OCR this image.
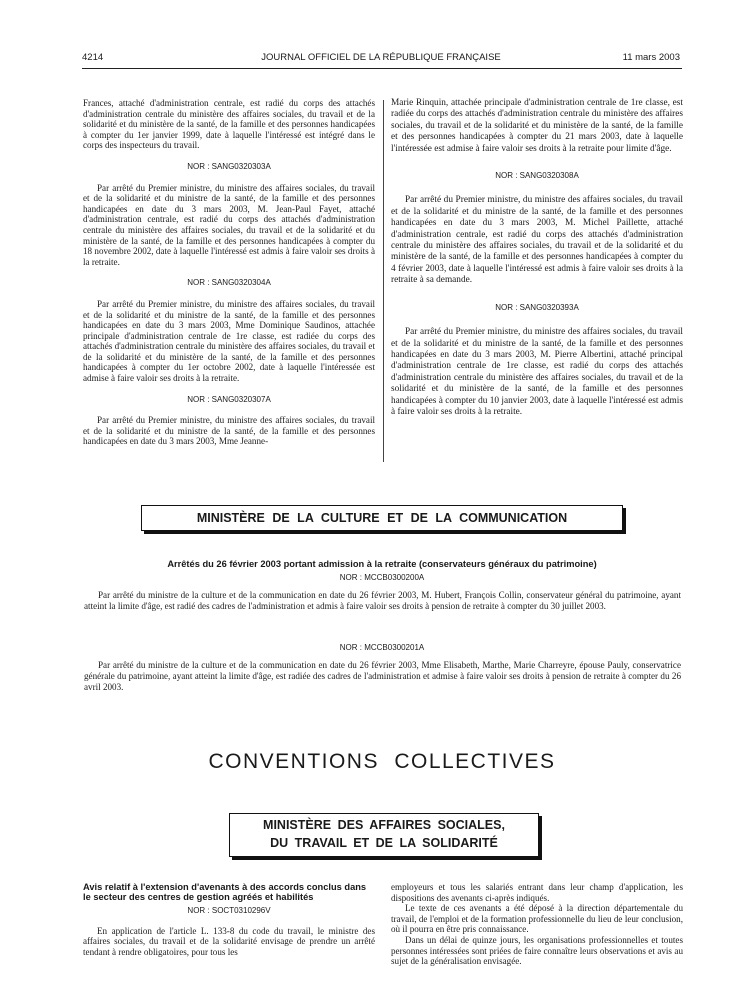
4214	JOURNAL OFFICIEL DE LA RÉPUBLIQUE FRANÇAISE	11 mars 2003

Frances, attaché d'administration centrale, est radié du corps des attachés d'administration centrale du ministère des affaires sociales, du travail et de la solidarité et du ministère de la santé, de la famille et des personnes handicapées à compter du 1er janvier 1999, date à laquelle l'intéressé est intégré dans le corps des inspecteurs du travail.

NOR : SANG0320303A

Par arrêté du Premier ministre, du ministre des affaires sociales, du travail et de la solidarité et du ministre de la santé, de la famille et des personnes handicapées en date du 3 mars 2003, M. Jean-Paul Fayet, attaché d'administration centrale, est radié du corps des attachés d'administration centrale du ministère des affaires sociales, du travail et de la solidarité et du ministère de la santé, de la famille et des personnes handicapées à compter du 18 novembre 2002, date à laquelle l'intéressé est admis à faire valoir ses droits à la retraite.

NOR : SANG0320304A

Par arrêté du Premier ministre, du ministre des affaires sociales, du travail et de la solidarité et du ministre de la santé, de la famille et des personnes handicapées en date du 3 mars 2003, Mme Dominique Saudinos, attachée principale d'administration centrale de 1re classe, est radiée du corps des attachés d'administration centrale du ministère des affaires sociales, du travail et de la solidarité et du ministère de la santé, de la famille et des personnes handicapées à compter du 1er octobre 2002, date à laquelle l'intéressée est admise à faire valoir ses droits à la retraite.

NOR : SANG0320307A

Par arrêté du Premier ministre, du ministre des affaires sociales, du travail et de la solidarité et du ministre de la santé, de la famille et des personnes handicapées en date du 3 mars 2003, Mme Jeanne-

Marie Rinquin, attachée principale d'administration centrale de 1re classe, est radiée du corps des attachés d'administration centrale du ministère des affaires sociales, du travail et de la solidarité et du ministère de la santé, de la famille et des personnes handicapées à compter du 21 mars 2003, date à laquelle l'intéressée est admise à faire valoir ses droits à la retraite pour limite d'âge.

NOR : SANG0320308A

Par arrêté du Premier ministre, du ministre des affaires sociales, du travail et de la solidarité et du ministre de la santé, de la famille et des personnes handicapées en date du 3 mars 2003, M. Michel Paillette, attaché d'administration centrale, est radié du corps des attachés d'administration centrale du ministère des affaires sociales, du travail et de la solidarité et du ministère de la santé, de la famille et des personnes handicapées à compter du 4 février 2003, date à laquelle l'intéressé est admis à faire valoir ses droits à la retraite à sa demande.

NOR : SANG0320393A

Par arrêté du Premier ministre, du ministre des affaires sociales, du travail et de la solidarité et du ministre de la santé, de la famille et des personnes handicapées en date du 3 mars 2003, M. Pierre Albertini, attaché principal d'administration centrale de 1re classe, est radié du corps des attachés d'administration centrale du ministère des affaires sociales, du travail et de la solidarité et du ministère de la santé, de la famille et des personnes handicapées à compter du 10 janvier 2003, date à laquelle l'intéressé est admis à faire valoir ses droits à la retraite.

MINISTÈRE DE LA CULTURE ET DE LA COMMUNICATION
Arrêtés du 26 février 2003 portant admission à la retraite (conservateurs généraux du patrimoine)
NOR : MCCB0300200A

Par arrêté du ministre de la culture et de la communication en date du 26 février 2003, M. Hubert, François Collin, conservateur général du patrimoine, ayant atteint la limite d'âge, est radié des cadres de l'administration et admis à faire valoir ses droits à pension de retraite à compter du 30 juillet 2003.

NOR : MCCB0300201A

Par arrêté du ministre de la culture et de la communication en date du 26 février 2003, Mme Elisabeth, Marthe, Marie Charreyre, épouse Pauly, conservatrice générale du patrimoine, ayant atteint la limite d'âge, est radiée des cadres de l'administration et admise à faire valoir ses droits à pension de retraite à compter du 26 avril 2003.

CONVENTIONS COLLECTIVES
MINISTÈRE DES AFFAIRES SOCIALES,
DU TRAVAIL ET DE LA SOLIDARITÉ
Avis relatif à l'extension d'avenants à des accords conclus dans le secteur des centres de gestion agréés et habilités
NOR : SOCT0310296V

En application de l'article L. 133-8 du code du travail, le ministre des affaires sociales, du travail et de la solidarité envisage de prendre un arrêté tendant à rendre obligatoires, pour tous les

employeurs et tous les salariés entrant dans leur champ d'application, les dispositions des avenants ci-après indiqués.

Le texte de ces avenants a été déposé à la direction départementale du travail, de l'emploi et de la formation professionnelle du lieu de leur conclusion, où il pourra en être pris connaissance.

Dans un délai de quinze jours, les organisations professionnelles et toutes personnes intéressées sont priées de faire connaître leurs observations et avis au sujet de la généralisation envisagée.
